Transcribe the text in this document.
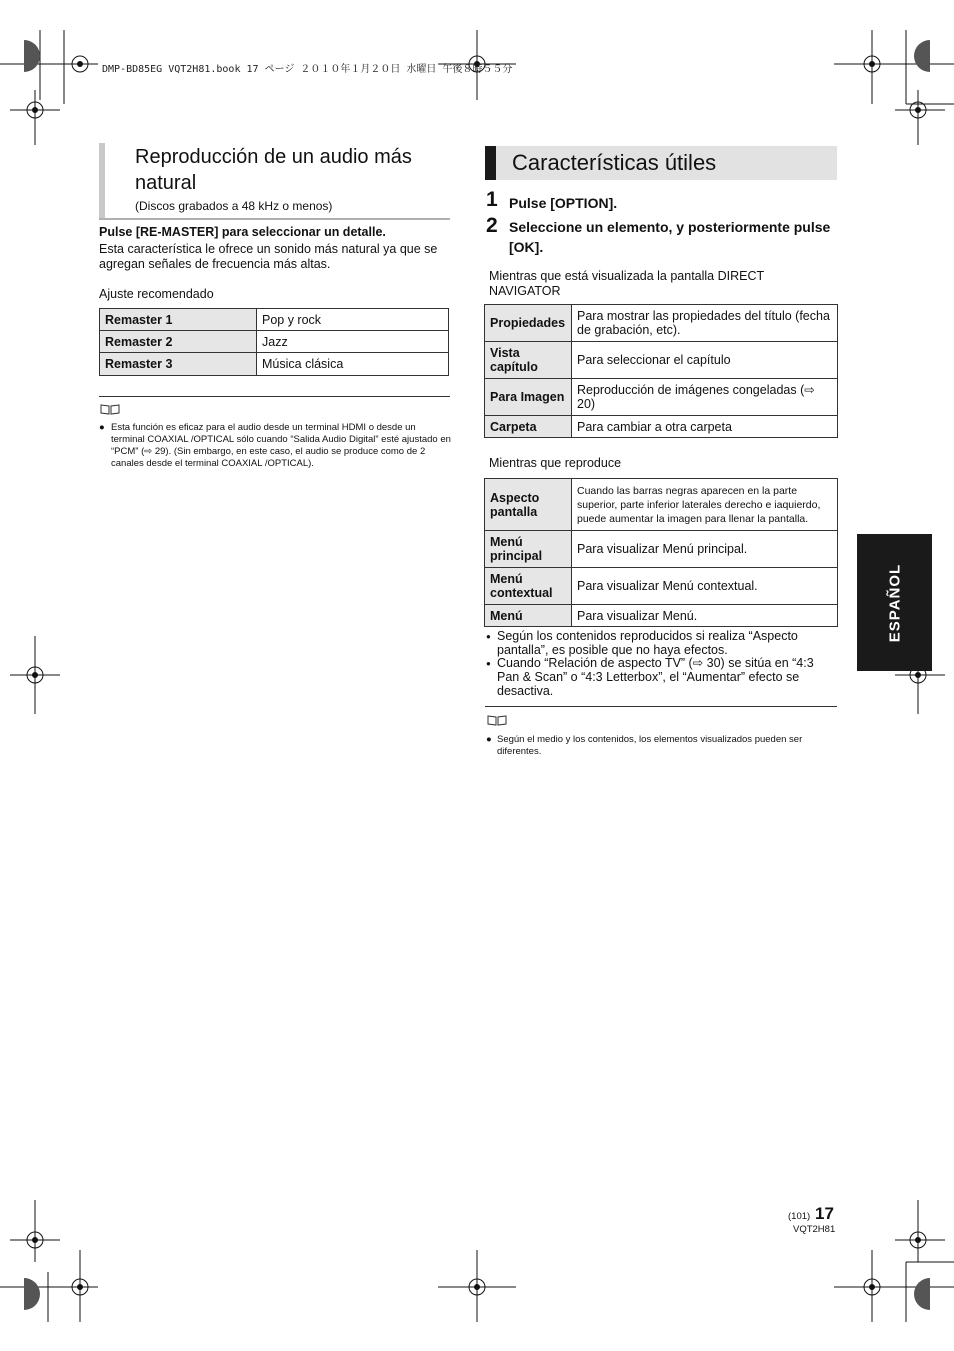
DMP-BD85EG VQT2H81.book 17 ページ ２０１０年１月２０日 水曜日 午後８時５５分
Reproducción de un audio más natural
(Discos grabados a 48 kHz o menos)
Pulse [RE-MASTER] para seleccionar un detalle.
Esta característica le ofrece un sonido más natural ya que se agregan señales de frecuencia más altas.
Ajuste recomendado
Remaster 1	Pop y rock
Remaster 2	Jazz
Remaster 3	Música clásica
● Esta función es eficaz para el audio desde un terminal HDMI o desde un terminal COAXIAL /OPTICAL sólo cuando “Salida Audio Digital” esté ajustado en “PCM” (⇨ 29). (Sin embargo, en este caso, el audio se produce como de 2 canales desde el terminal COAXIAL /OPTICAL).
Características útiles
1 Pulse [OPTION].
2 Seleccione un elemento, y posteriormente pulse [OK].
Mientras que está visualizada la pantalla DIRECT NAVIGATOR
Propiedades	Para mostrar las propiedades del título (fecha de grabación, etc).
Vista capítulo	Para seleccionar el capítulo
Para Imagen	Reproducción de imágenes congeladas (⇨ 20)
Carpeta	Para cambiar a otra carpeta
Mientras que reproduce
Aspecto pantalla	Cuando las barras negras aparecen en la parte superior, parte inferior laterales derecho e iaquierdo, puede aumentar la imagen para llenar la pantalla.
Menú principal	Para visualizar Menú principal.
Menú contextual	Para visualizar Menú contextual.
Menú	Para visualizar Menú.
● Según los contenidos reproducidos si realiza “Aspecto pantalla”, es posible que no haya efectos.
● Cuando “Relación de aspecto TV” (⇨ 30) se sitúa en “4:3 Pan & Scan” o “4:3 Letterbox”, el “Aumentar” efecto se desactiva.
● Según el medio y los contenidos, los elementos visualizados pueden ser diferentes.
ESPAÑOL
(101) 17
VQT2H81
